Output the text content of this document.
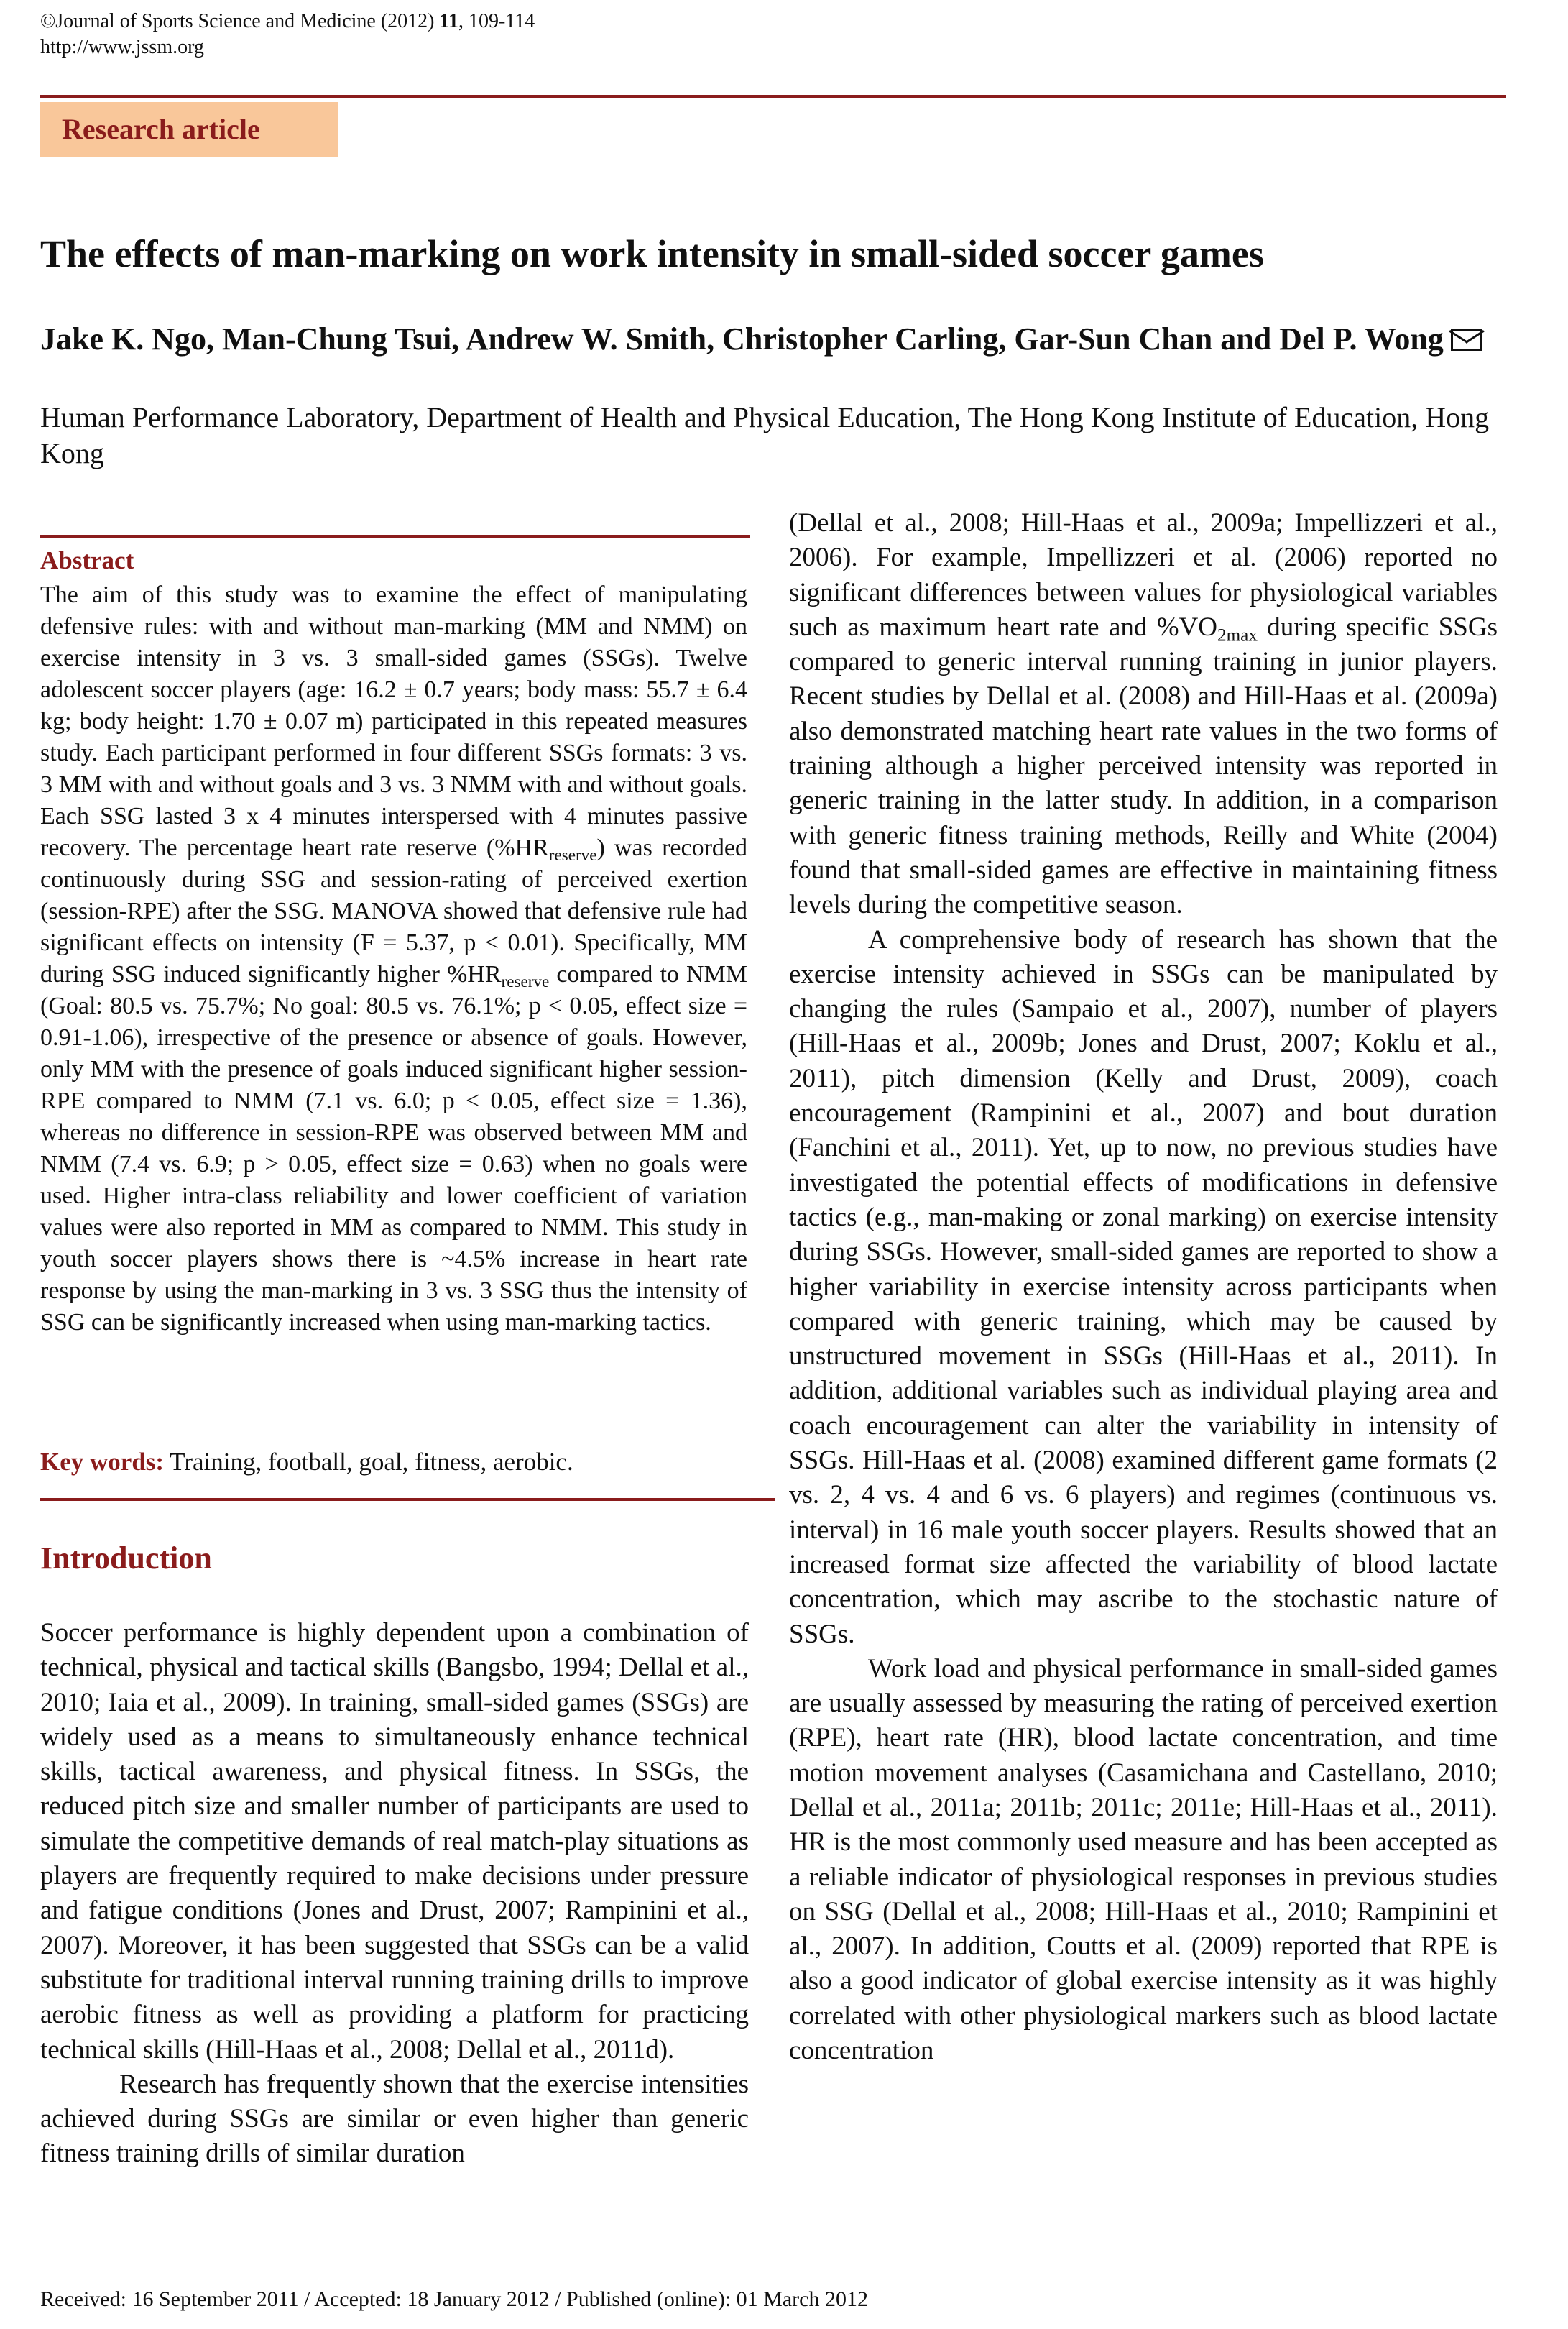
©Journal of Sports Science and Medicine (2012) 11, 109-114
http://www.jssm.org
Research article
The effects of man-marking on work intensity in small-sided soccer games
Jake K. Ngo, Man-Chung Tsui, Andrew W. Smith, Christopher Carling, Gar-Sun Chan and Del P. Wong
Human Performance Laboratory, Department of Health and Physical Education, The Hong Kong Institute of Education, Hong Kong
Abstract
The aim of this study was to examine the effect of manipulating defensive rules: with and without man-marking (MM and NMM) on exercise intensity in 3 vs. 3 small-sided games (SSGs). Twelve adolescent soccer players (age: 16.2 ± 0.7 years; body mass: 55.7 ± 6.4 kg; body height: 1.70 ± 0.07 m) participated in this repeated measures study. Each participant performed in four different SSGs formats: 3 vs. 3 MM with and without goals and 3 vs. 3 NMM with and without goals. Each SSG lasted 3 x 4 minutes interspersed with 4 minutes passive recovery. The percentage heart rate reserve $(\%HR_{reserve})$ was recorded continuously during SSG and session-rating of perceived exertion (session-RPE) after the SSG. MANOVA showed that defensive rule had significant effects on intensity (F = 5.37, p < 0.01). Specifically, MM during SSG induced significantly higher $\%HR_{reserve}$ compared to NMM (Goal: 80.5 vs. 75.7%; No goal: 80.5 vs. 76.1%; p < 0.05, effect size = 0.91-1.06), irrespective of the presence or absence of goals. However, only MM with the presence of goals induced significant higher session-RPE compared to NMM (7.1 vs. 6.0; p < 0.05, effect size = 1.36), whereas no difference in session-RPE was observed between MM and NMM (7.4 vs. 6.9; p > 0.05, effect size = 0.63) when no goals were used. Higher intra-class reliability and lower coefficient of variation values were also reported in MM as compared to NMM. This study in youth soccer players shows there is ~4.5% increase in heart rate response by using the man-marking in 3 vs. 3 SSG thus the intensity of SSG can be significantly increased when using man-marking tactics.
Key words: Training, football, goal, fitness, aerobic.
Introduction

Soccer performance is highly dependent upon a combination of technical, physical and tactical skills (Bangsbo, 1994; Dellal et al., 2010; Iaia et al., 2009). In training, small-sided games (SSGs) are widely used as a means to simultaneously enhance technical skills, tactical awareness, and physical fitness. In SSGs, the reduced pitch size and smaller number of participants are used to simulate the competitive demands of real match-play situations as players are frequently required to make decisions under pressure and fatigue conditions (Jones and Drust, 2007; Rampinini et al., 2007). Moreover, it has been suggested that SSGs can be a valid substitute for traditional interval running training drills to improve aerobic fitness as well as providing a platform for practicing technical skills (Hill-Haas et al., 2008; Dellal et al., 2011d).

Research has frequently shown that the exercise intensities achieved during SSGs are similar or even higher than generic fitness training drills of similar duration

(Dellal et al., 2008; Hill-Haas et al., 2009a; Impellizzeri et al., 2006). For example, Impellizzeri et al. (2006) reported no significant differences between values for physiological variables such as maximum heart rate and $\%VO_{2max}$ during specific SSGs compared to generic interval running training in junior players. Recent studies by Dellal et al. (2008) and Hill-Haas et al. (2009a) also demonstrated matching heart rate values in the two forms of training although a higher perceived intensity was reported in generic training in the latter study. In addition, in a comparison with generic fitness training methods, Reilly and White (2004) found that small-sided games are effective in maintaining fitness levels during the competitive season.

A comprehensive body of research has shown that the exercise intensity achieved in SSGs can be manipulated by changing the rules (Sampaio et al., 2007), number of players (Hill-Haas et al., 2009b; Jones and Drust, 2007; Koklu et al., 2011), pitch dimension (Kelly and Drust, 2009), coach encouragement (Rampinini et al., 2007) and bout duration (Fanchini et al., 2011). Yet, up to now, no previous studies have investigated the potential effects of modifications in defensive tactics (e.g., man-making or zonal marking) on exercise intensity during SSGs. However, small-sided games are reported to show a higher variability in exercise intensity across participants when compared with generic training, which may be caused by unstructured movement in SSGs (Hill-Haas et al., 2011). In addition, additional variables such as individual playing area and coach encouragement can alter the variability in intensity of SSGs. Hill-Haas et al. (2008) examined different game formats (2 vs. 2, 4 vs. 4 and 6 vs. 6 players) and regimes (continuous vs. interval) in 16 male youth soccer players. Results showed that an increased format size affected the variability of blood lactate concentration, which may ascribe to the stochastic nature of SSGs.

Work load and physical performance in small-sided games are usually assessed by measuring the rating of perceived exertion (RPE), heart rate (HR), blood lactate concentration, and time motion movement analyses (Casamichana and Castellano, 2010; Dellal et al., 2011a; 2011b; 2011c; 2011e; Hill-Haas et al., 2011). HR is the most commonly used measure and has been accepted as a reliable indicator of physiological responses in previous studies on SSG (Dellal et al., 2008; Hill-Haas et al., 2010; Rampinini et al., 2007). In addition, Coutts et al. (2009) reported that RPE is also a good indicator of global exercise intensity as it was highly correlated with other physiological markers such as blood lactate concentration

Received: 16 September 2011 / Accepted: 18 January 2012 / Published (online): 01 March 2012
